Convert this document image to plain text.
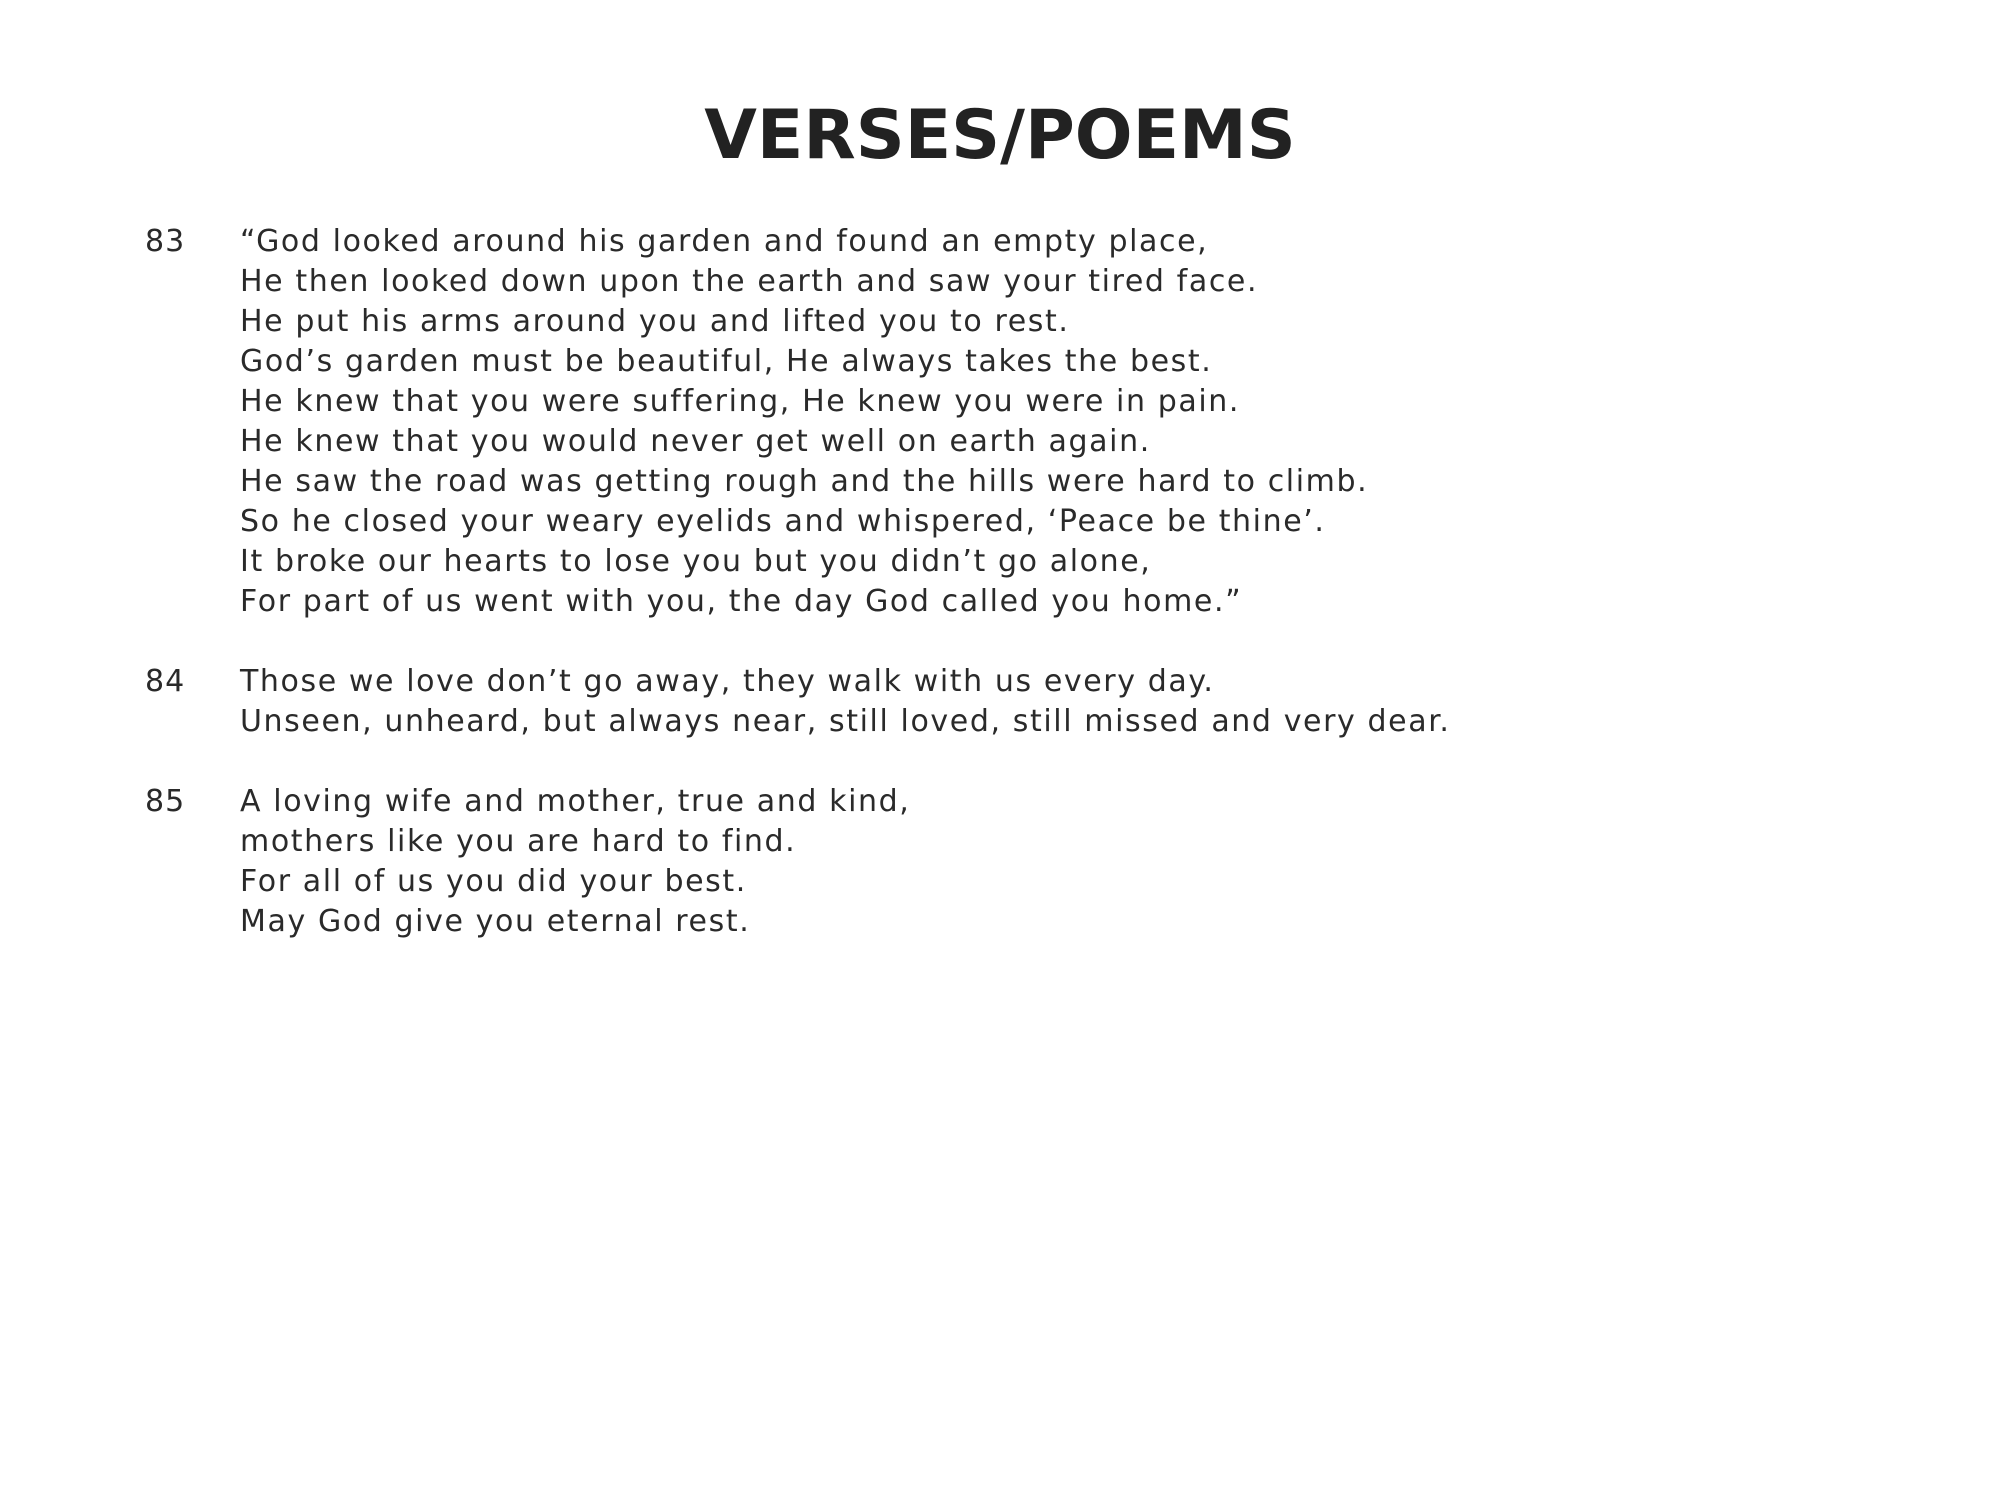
VERSES/POEMS
83	“God looked around his garden and found an empty place,
He then looked down upon the earth and saw your tired face.
He put his arms around you and lifted you to rest.
God’s garden must be beautiful, He always takes the best.
He knew that you were suffering, He knew you were in pain.
He knew that you would never get well on earth again.
He saw the road was getting rough and the hills were hard to climb.
So he closed your weary eyelids and whispered, ‘Peace be thine’.
It broke our hearts to lose you but you didn’t go alone,
For part of us went with you, the day God called you home.”
84	Those we love don’t go away, they walk with us every day.
Unseen, unheard, but always near, still loved, still missed and very dear.
85	A loving wife and mother, true and kind,
mothers like you are hard to find.
For all of us you did your best.
May God give you eternal rest.
